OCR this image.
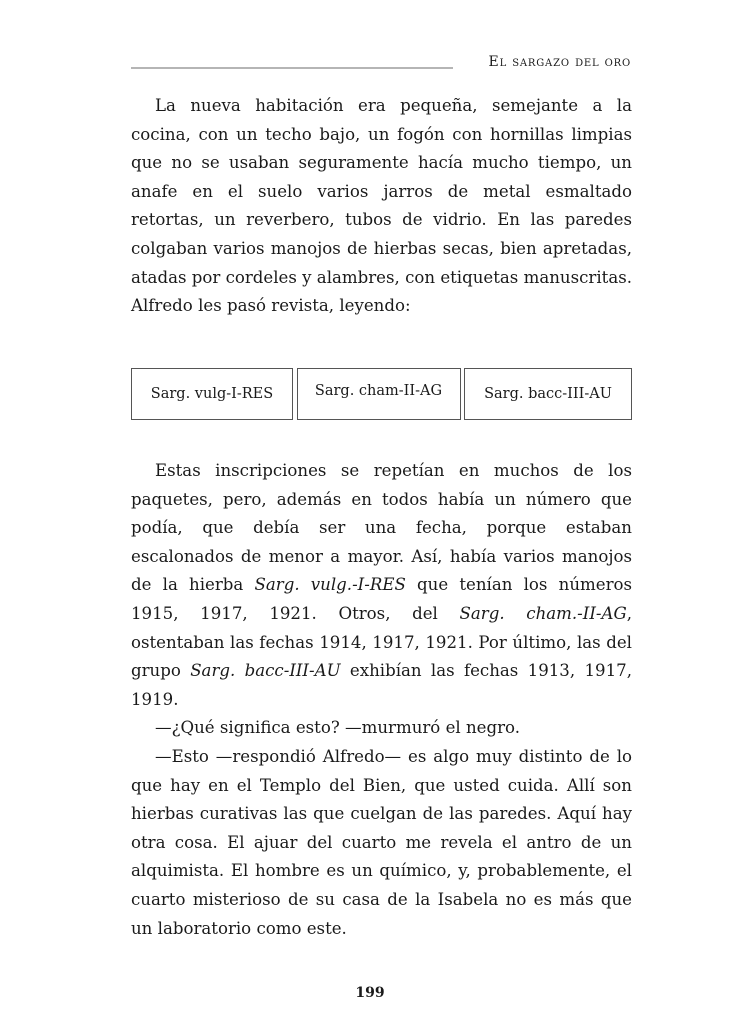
El sargazo del oro

La nueva habitación era pequeña, semejante a la cocina, con un techo bajo, un fogón con hornillas limpias que no se usaban seguramente hacía mucho tiempo, un anafe en el suelo varios jarros de metal esmaltado retortas, un reverbero, tubos de vidrio. En las paredes colgaban varios manojos de hierbas secas, bien apretadas, atadas por cordeles y alambres, con etiquetas manuscritas. Alfredo les pasó revista, leyendo:

Sarg. vulg-I-RES	Sarg. cham-II-AG	Sarg. bacc-III-AU

Estas inscripciones se repetían en muchos de los paquetes, pero, además en todos había un número que podía, que debía ser una fecha, porque estaban escalonados de menor a mayor. Así, había varios manojos de la hierba Sarg. vulg.-I-RES que tenían los números 1915, 1917, 1921. Otros, del Sarg. cham.-II-AG, ostentaban las fechas 1914, 1917, 1921. Por último, las del grupo Sarg. bacc-III-AU exhibían las fechas 1913, 1917, 1919.

—¿Qué significa esto? —murmuró el negro.

—Esto —respondió Alfredo— es algo muy distinto de lo que hay en el Templo del Bien, que usted cuida. Allí son hierbas curativas las que cuelgan de las paredes. Aquí hay otra cosa. El ajuar del cuarto me revela el antro de un alquimista. El hombre es un químico, y, probablemente, el cuarto misterioso de su casa de la Isabela no es más que un laboratorio como este.

199
